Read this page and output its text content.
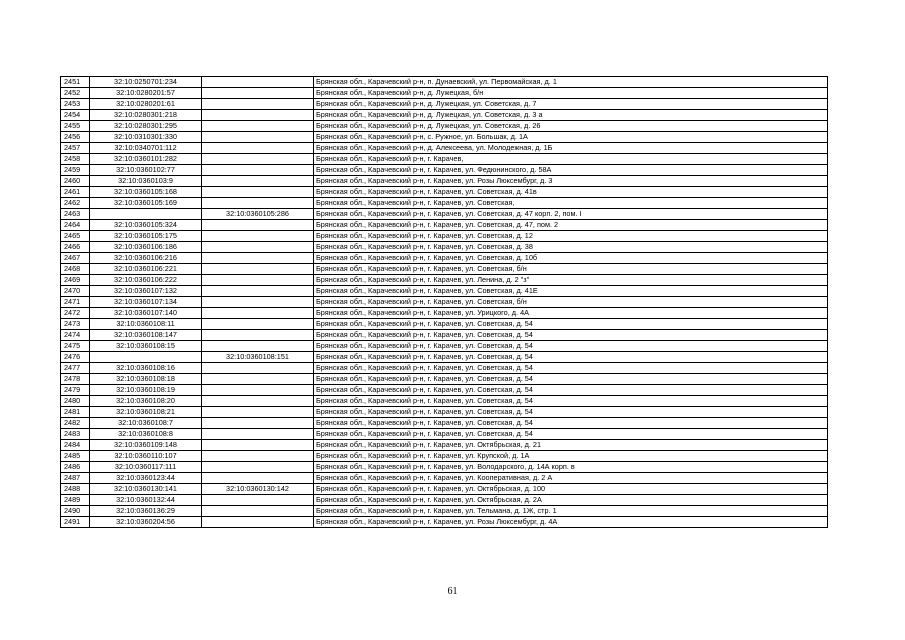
2451	32:10:0250701:234		Брянская обл., Карачевский р-н, п. Дунаевский, ул. Первомайская, д. 1
2452	32:10:0280201:57		Брянская обл., Карачевский р-н, д. Лужецкая, б/н
2453	32:10:0280201:61		Брянская обл., Карачевский р-н, д. Лужецкая, ул. Советская, д. 7
2454	32:10:0280301:218		Брянская обл., Карачевский р-н, д. Лужецкая, ул. Советская, д. 3 а
2455	32:10:0280301:295		Брянская обл., Карачевский р-н, д. Лужецкая, ул. Советская, д. 26
2456	32:10:0310301:330		Брянская обл., Карачевский р-н, с. Ружное, ул. Большак, д. 1А
2457	32:10:0340701:112		Брянская обл., Карачевский р-н, д. Алексеева, ул. Молодежная, д. 1Б
2458	32:10:0360101:282		Брянская обл., Карачевский р-н, г. Карачев,
2459	32:10:0360102:77		Брянская обл., Карачевский р-н, г. Карачев, ул. Федюнинского, д. 58А
2460	32:10:0360103:9		Брянская обл., Карачевский р-н, г. Карачев, ул. Розы Люксембург, д. 3
2461	32:10:0360105:168		Брянская обл., Карачевский р-н, г. Карачев, ул. Советская, д. 41в
2462	32:10:0360105:169		Брянская обл., Карачевский р-н, г. Карачев, ул. Советская,
2463		32:10:0360105:286	Брянская обл., Карачевский р-н, г. Карачев, ул. Советская, д. 47 корп. 2, пом. I
2464	32:10:0360105:324		Брянская обл., Карачевский р-н, г. Карачев, ул. Советская, д. 47, пом. 2
2465	32:10:0360105:175		Брянская обл., Карачевский р-н, г. Карачев, ул. Советская, д. 12
2466	32:10:0360106:186		Брянская обл., Карачевский р-н, г. Карачев, ул. Советская, д. 38
2467	32:10:0360106:216		Брянская обл., Карачевский р-н, г. Карачев, ул. Советская, д. 10б
2468	32:10:0360106:221		Брянская обл., Карачевский р-н, г. Карачев, ул. Советская, б/н
2469	32:10:0360106:222		Брянская обл., Карачевский р-н, г. Карачев, ул. Ленина, д. 2 "з"
2470	32:10:0360107:132		Брянская обл., Карачевский р-н, г. Карачев, ул. Советская, д. 41Е
2471	32:10:0360107:134		Брянская обл., Карачевский р-н, г. Карачев, ул. Советская, б/н
2472	32:10:0360107:140		Брянская обл., Карачевский р-н, г. Карачев, ул. Урицкого, д. 4А
2473	32:10:0360108:11		Брянская обл., Карачевский р-н, г. Карачев, ул. Советская, д. 54
2474	32:10:0360108:147		Брянская обл., Карачевский р-н, г. Карачев, ул. Советская, д. 54
2475	32:10:0360108:15		Брянская обл., Карачевский р-н, г. Карачев, ул. Советская, д. 54
2476		32:10:0360108:151	Брянская обл., Карачевский р-н, г. Карачев, ул. Советская, д. 54
2477	32:10:0360108:16		Брянская обл., Карачевский р-н, г. Карачев, ул. Советская, д. 54
2478	32:10:0360108:18		Брянская обл., Карачевский р-н, г. Карачев, ул. Советская, д. 54
2479	32:10:0360108:19		Брянская обл., Карачевский р-н, г. Карачев, ул. Советская, д. 54
2480	32:10:0360108:20		Брянская обл., Карачевский р-н, г. Карачев, ул. Советская, д. 54
2481	32:10:0360108:21		Брянская обл., Карачевский р-н, г. Карачев, ул. Советская, д. 54
2482	32:10:0360108:7		Брянская обл., Карачевский р-н, г. Карачев, ул. Советская, д. 54
2483	32:10:0360108:8		Брянская обл., Карачевский р-н, г. Карачев, ул. Советская, д. 54
2484	32:10:0360109:148		Брянская обл., Карачевский р-н, г. Карачев, ул. Октябрьская, д. 21
2485	32:10:0360110:107		Брянская обл., Карачевский р-н, г. Карачев, ул. Крупской, д. 1А
2486	32:10:0360117:111		Брянская обл., Карачевский р-н, г. Карачев, ул. Володарского, д. 14А корп. в
2487	32:10:0360123:44		Брянская обл., Карачевский р-н, г. Карачев, ул. Кооперативная, д. 2 А
2488	32:10:0360130:141	32:10:0360130:142	Брянская обл., Карачевский р-н, г. Карачев, ул. Октябрьская, д. 100
2489	32:10:0360132:44		Брянская обл., Карачевский р-н, г. Карачев, ул. Октябрьская, д. 2А
2490	32:10:0360136:29		Брянская обл., Карачевский р-н, г. Карачев, ул. Тельмана, д. 1Ж, стр. 1
2491	32:10:0360204:56		Брянская обл., Карачевский р-н, г. Карачев, ул. Розы Люксембург, д. 4А
61
